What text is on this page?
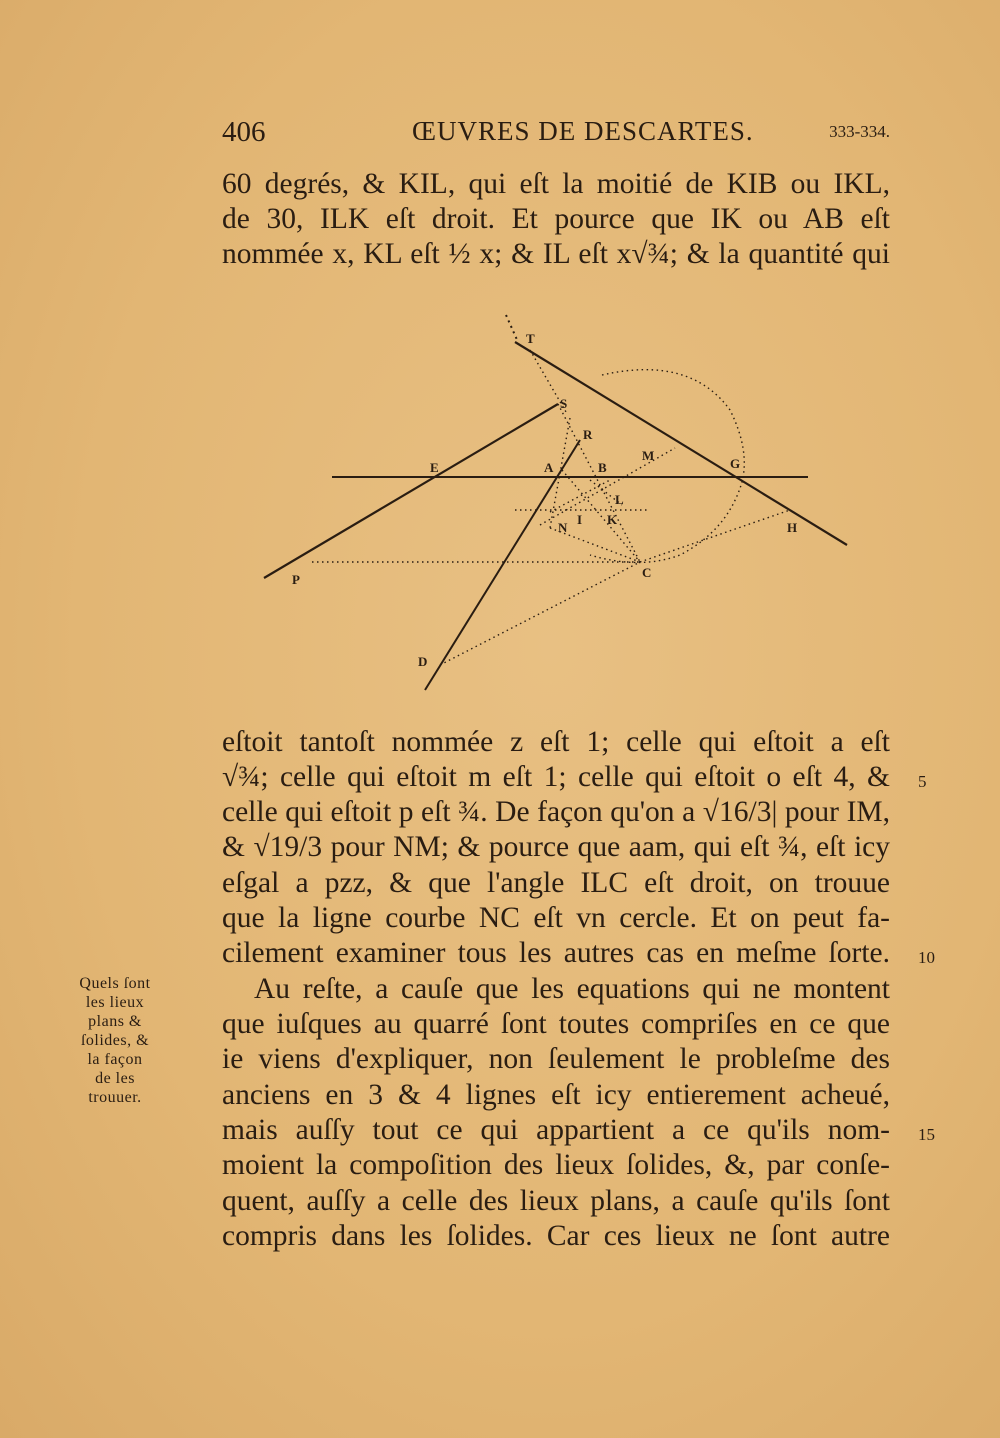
406	ŒUVRES DE DESCARTES.	333-334.
60 degrés, & KIL, qui eſt la moitié de KIB ou IKL,
de 30, ILK eſt droit. Et pource que IK ou AB eſt
nommée x, KL eſt ½ x; & IL eſt x√¾; & la quantité qui
T
S
R
E	A	B
M
G
L
N
I K
H
P	C
D
eſtoit tantoſt nommée z eſt 1; celle qui eſtoit a eſt
√¾; celle qui eſtoit m eſt 1; celle qui eſtoit o eſt 4, &
celle qui eſtoit p eſt ¾. De façon qu'on a √16/3| pour IM,
& √19/3 pour NM; & pource que aam, qui eſt ¾, eſt icy
eſgal a pzz, & que l'angle ILC eſt droit, on trouue
que la ligne courbe NC eſt vn cercle. Et on peut fa-
cilement examiner tous les autres cas en meſme ſorte.
Au reſte, a cauſe que les equations qui ne montent
que iuſques au quarré ſont toutes compriſes en ce que
ie viens d'expliquer, non ſeulement le probleſme des
anciens en 3 & 4 lignes eſt icy entierement acheué,
mais auſſy tout ce qui appartient a ce qu'ils nom-
moient la compoſition des lieux ſolides, &, par conſe-
quent, auſſy a celle des lieux plans, a cauſe qu'ils ſont
compris dans les ſolides. Car ces lieux ne ſont autre
5
10
15
Quels ſont
les lieux
plans &
ſolides, &
la façon
de les
trouuer.
